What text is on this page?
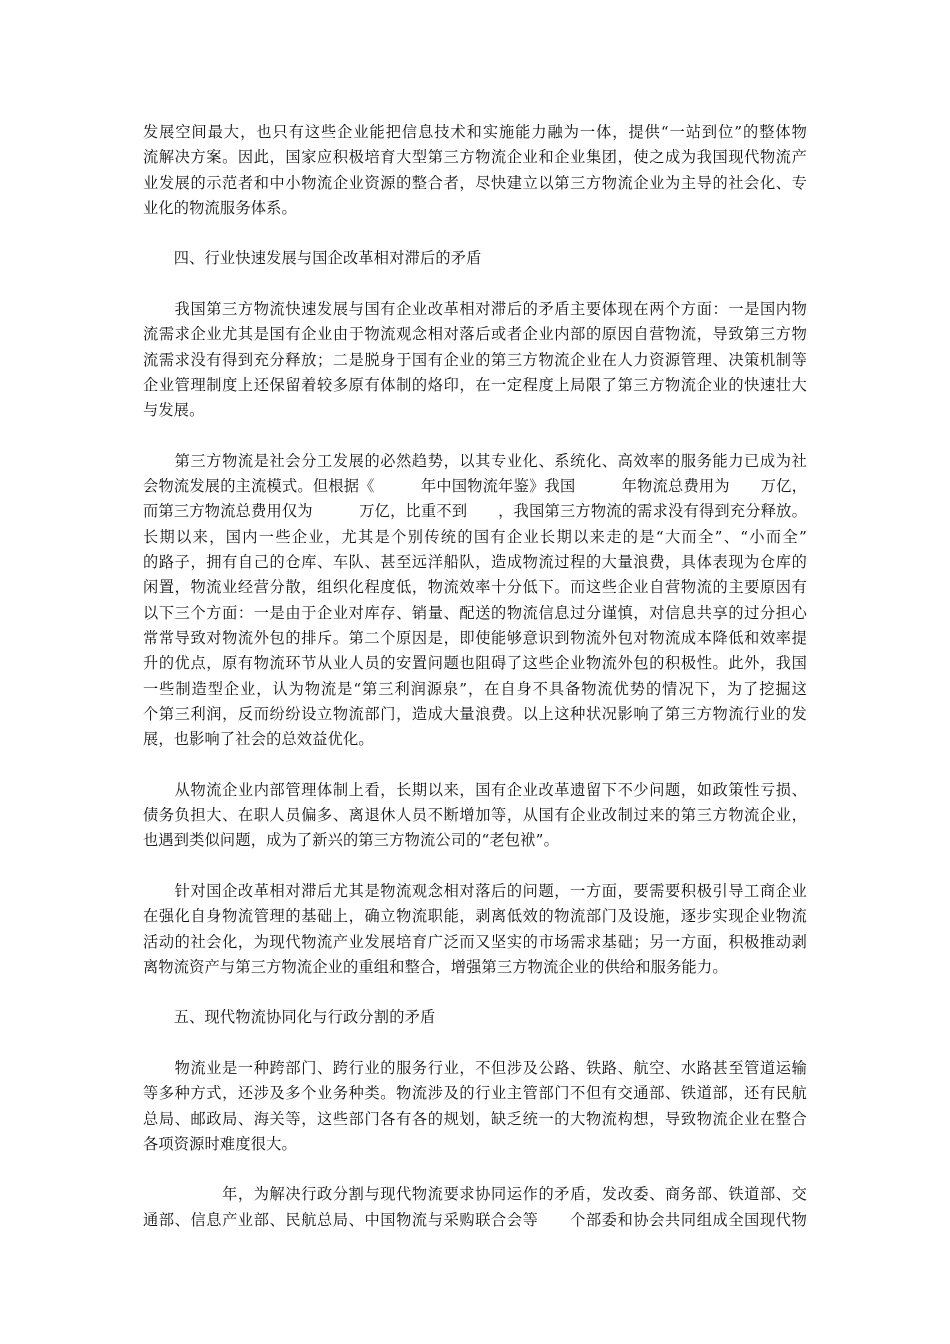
发展空间最大，也只有这些企业能把信息技术和实施能力融为一体，提供“一站到位”的整体物
流解决方案。因此，国家应积极培育大型第三方物流企业和企业集团，使之成为我国现代物流产
业发展的示范者和中小物流企业资源的整合者，尽快建立以第三方物流企业为主导的社会化、专
业化的物流服务体系。
　　四、行业快速发展与国企改革相对滞后的矛盾
　　我国第三方物流快速发展与国有企业改革相对滞后的矛盾主要体现在两个方面：一是国内物
流需求企业尤其是国有企业由于物流观念相对落后或者企业内部的原因自营物流，导致第三方物
流需求没有得到充分释放；二是脱身于国有企业的第三方物流企业在人力资源管理、决策机制等
企业管理制度上还保留着较多原有体制的烙印，在一定程度上局限了第三方物流企业的快速壮大
与发展。
　　第三方物流是社会分工发展的必然趋势，以其专业化、系统化、高效率的服务能力已成为社
会物流发展的主流模式。但根据《　　　年中国物流年鉴》我国　　　年物流总费用为　　万亿，
而第三方物流总费用仅为　　　万亿，比重不到　　，我国第三方物流的需求没有得到充分释放。
长期以来，国内一些企业，尤其是个别传统的国有企业长期以来走的是“大而全”、“小而全”
的路子，拥有自己的仓库、车队、甚至远洋船队，造成物流过程的大量浪费，具体表现为仓库的
闲置，物流业经营分散，组织化程度低，物流效率十分低下。而这些企业自营物流的主要原因有
以下三个方面：一是由于企业对库存、销量、配送的物流信息过分谨慎，对信息共享的过分担心
常常导致对物流外包的排斥。第二个原因是，即使能够意识到物流外包对物流成本降低和效率提
升的优点，原有物流环节从业人员的安置问题也阻碍了这些企业物流外包的积极性。此外，我国
一些制造型企业，认为物流是“第三利润源泉”，在自身不具备物流优势的情况下，为了挖掘这
个第三利润，反而纷纷设立物流部门，造成大量浪费。以上这种状况影响了第三方物流行业的发
展，也影响了社会的总效益优化。
　　从物流企业内部管理体制上看，长期以来，国有企业改革遗留下不少问题，如政策性亏损、
债务负担大、在职人员偏多、离退休人员不断增加等，从国有企业改制过来的第三方物流企业，
也遇到类似问题，成为了新兴的第三方物流公司的“老包袱”。
　　针对国企改革相对滞后尤其是物流观念相对落后的问题，一方面，要需要积极引导工商企业
在强化自身物流管理的基础上，确立物流职能，剥离低效的物流部门及设施，逐步实现企业物流
活动的社会化，为现代物流产业发展培育广泛而又坚实的市场需求基础；另一方面，积极推动剥
离物流资产与第三方物流企业的重组和整合，增强第三方物流企业的供给和服务能力。
　　五、现代物流协同化与行政分割的矛盾
　　物流业是一种跨部门、跨行业的服务行业，不但涉及公路、铁路、航空、水路甚至管道运输
等多种方式，还涉及多个业务种类。物流涉及的行业主管部门不但有交通部、铁道部，还有民航
总局、邮政局、海关等，这些部门各有各的规划，缺乏统一的大物流构想，导致物流企业在整合
各项资源时难度很大。
　　　　　年，为解决行政分割与现代物流要求协同运作的矛盾，发改委、商务部、铁道部、交
通部、信息产业部、民航总局、中国物流与采购联合会等　　个部委和协会共同组成全国现代物
